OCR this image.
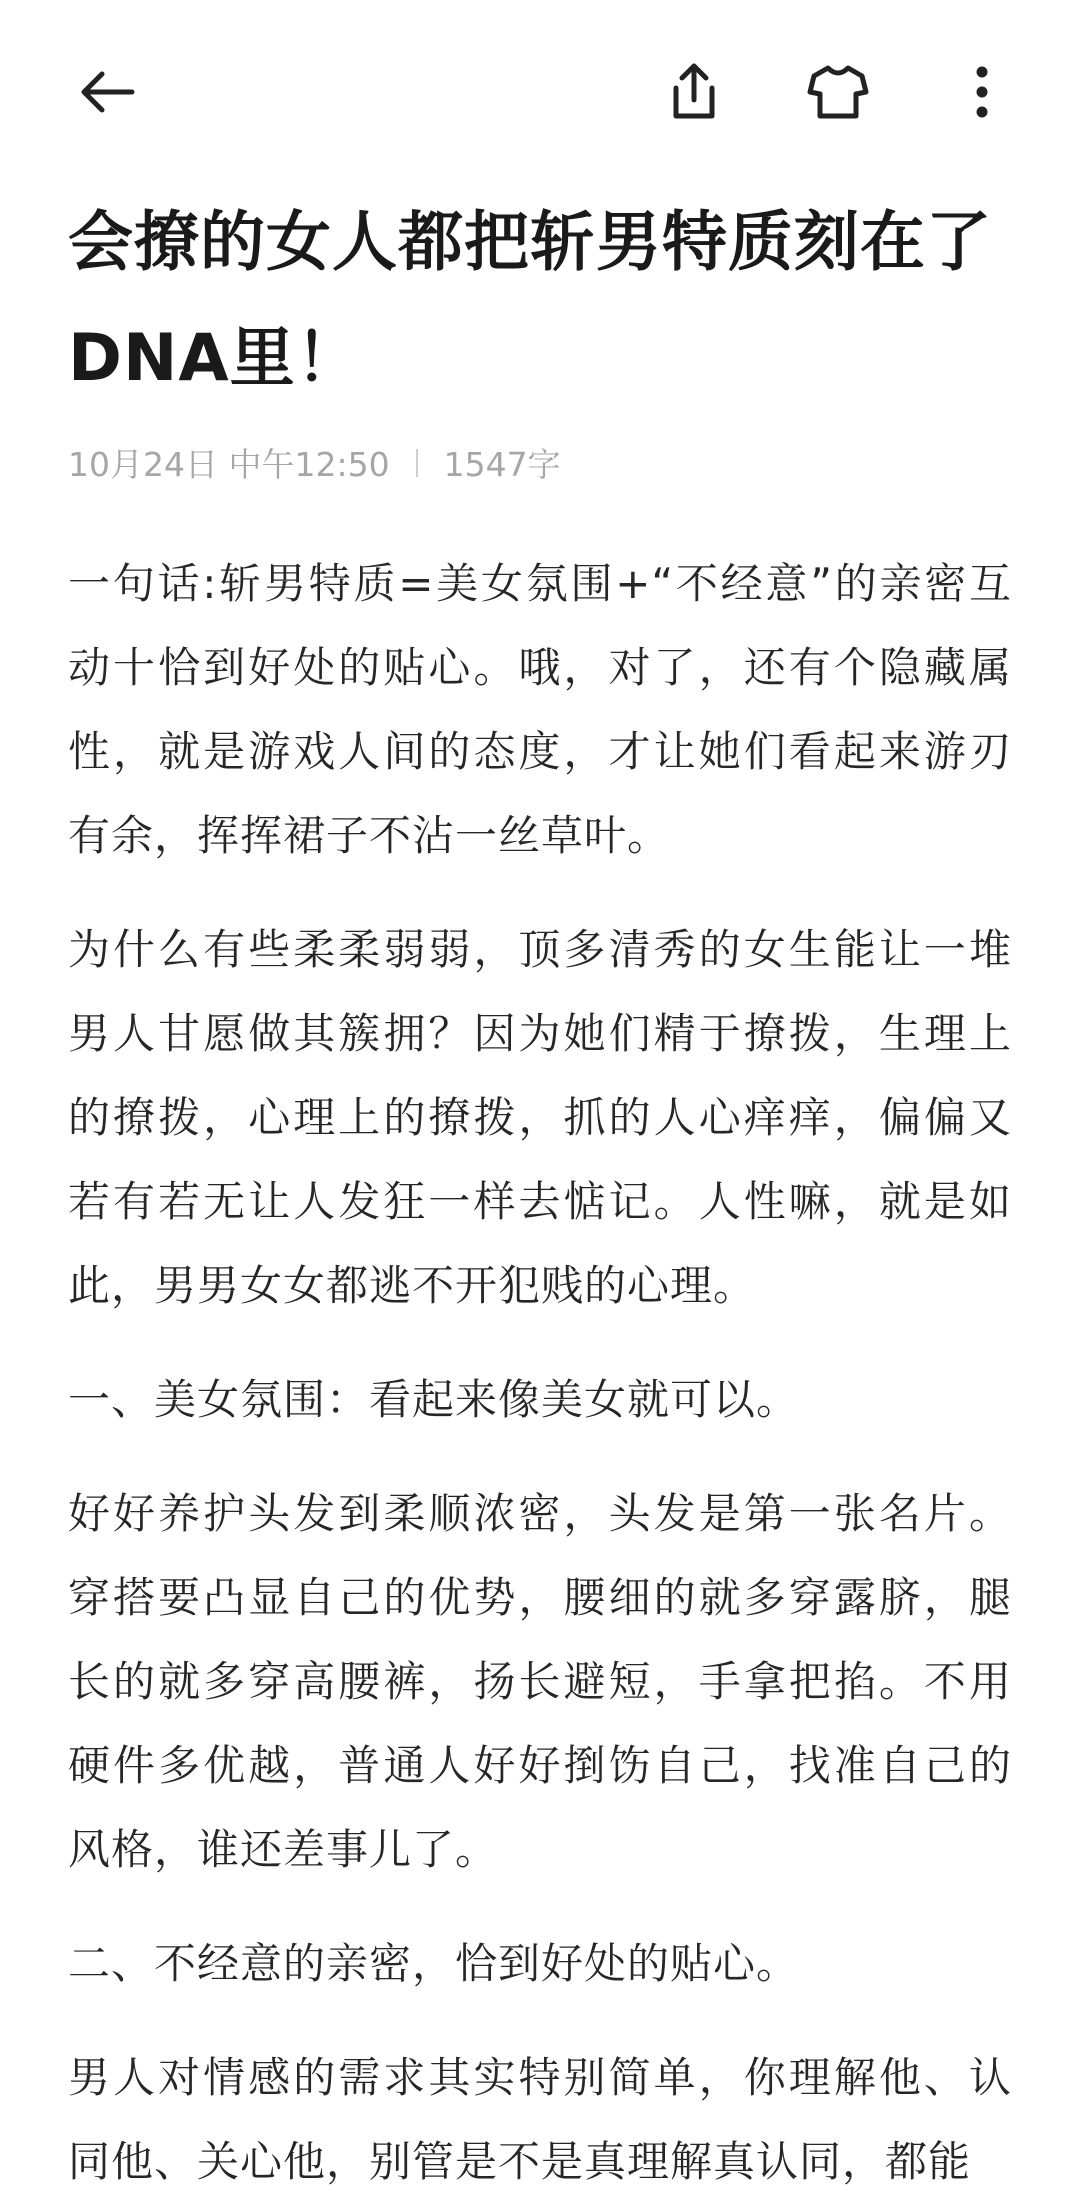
会撩的女人都把斩男特质刻在了DNA里！
10月24日 中午12:50 1547字

一句话:斩男特质=美女氛围+“不经意”的亲密互动十恰到好处的贴心。哦，对了，还有个隐藏属性，就是游戏人间的态度，才让她们看起来游刃有余，挥挥裙子不沾一丝草叶。

为什么有些柔柔弱弱，顶多清秀的女生能让一堆男人甘愿做其簇拥？因为她们精于撩拨，生理上的撩拨，心理上的撩拨，抓的人心痒痒，偏偏又若有若无让人发狂一样去惦记。人性嘛，就是如此，男男女女都逃不开犯贱的心理。

一、美女氛围：看起来像美女就可以。

好好养护头发到柔顺浓密，头发是第一张名片。穿搭要凸显自己的优势，腰细的就多穿露脐，腿长的就多穿高腰裤，扬长避短，手拿把掐。不用硬件多优越，普通人好好捯饬自己，找准自己的风格，谁还差事儿了。

二、不经意的亲密，恰到好处的贴心。

男人对情感的需求其实特别简单，你理解他、认同他、关心他，别管是不是真理解真认同，都能
